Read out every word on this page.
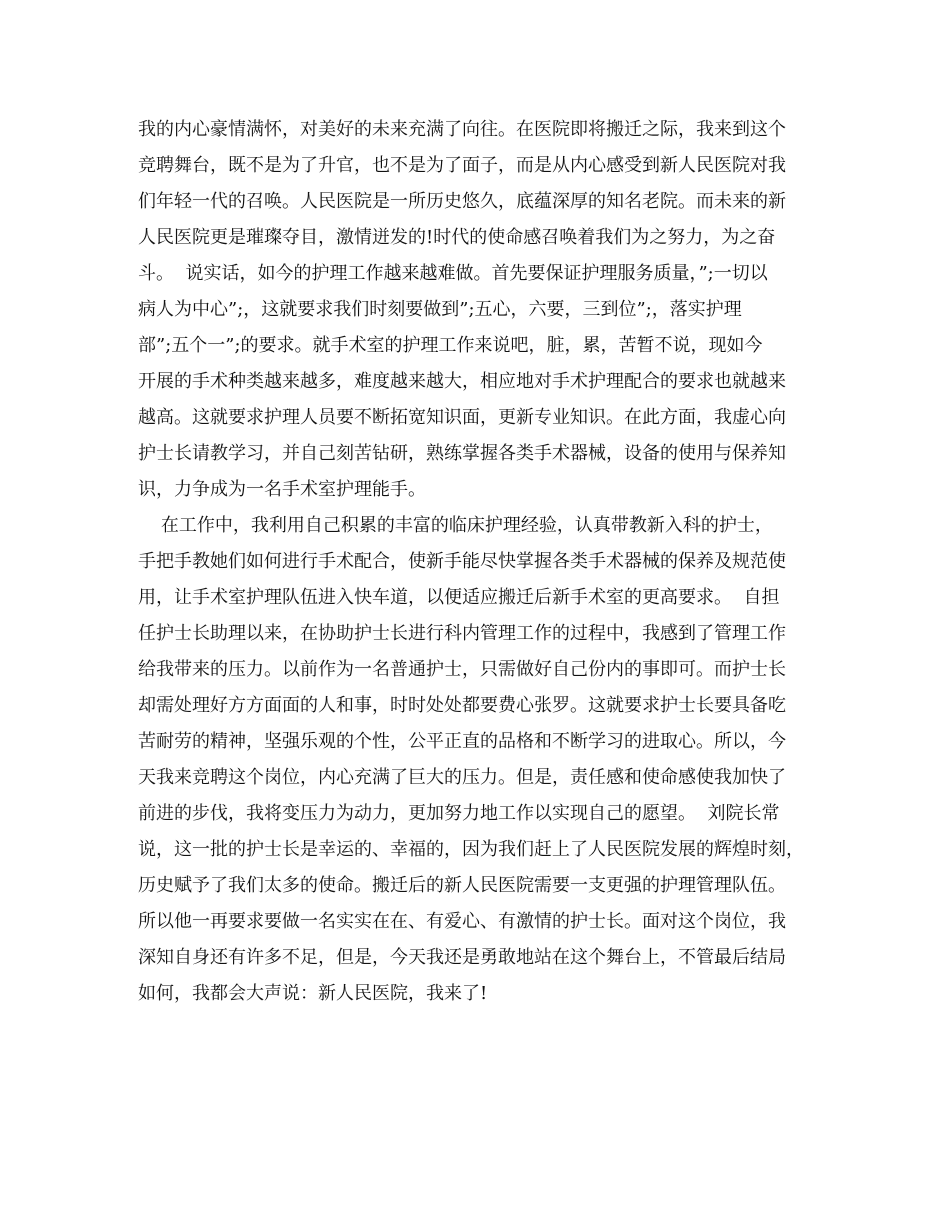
我的内心豪情满怀，对美好的未来充满了向往。在医院即将搬迁之际，我来到这个
竞聘舞台，既不是为了升官，也不是为了面子，而是从内心感受到新人民医院对我
们年轻一代的召唤。人民医院是一所历史悠久，底蕴深厚的知名老院。而未来的新
人民医院更是璀璨夺目，激情迸发的!时代的使命感召唤着我们为之努力，为之奋
斗。  说实话，如今的护理工作越来越难做。首先要保证护理服务质量，”;一切以
病人为中心”;，这就要求我们时刻要做到”;五心，六要，三到位”;，落实护理
部”;五个一”;的要求。就手术室的护理工作来说吧，脏，累，苦暂不说，现如今
开展的手术种类越来越多，难度越来越大，相应地对手术护理配合的要求也就越来
越高。这就要求护理人员要不断拓宽知识面，更新专业知识。在此方面，我虚心向
护士长请教学习，并自己刻苦钻研，熟练掌握各类手术器械，设备的使用与保养知
识，力争成为一名手术室护理能手。
在工作中，我利用自己积累的丰富的临床护理经验，认真带教新入科的护士，
手把手教她们如何进行手术配合，使新手能尽快掌握各类手术器械的保养及规范使
用，让手术室护理队伍进入快车道，以便适应搬迁后新手术室的更高要求。  自担
任护士长助理以来，在协助护士长进行科内管理工作的过程中，我感到了管理工作
给我带来的压力。以前作为一名普通护士，只需做好自己份内的事即可。而护士长
却需处理好方方面面的人和事，时时处处都要费心张罗。这就要求护士长要具备吃
苦耐劳的精神，坚强乐观的个性，公平正直的品格和不断学习的进取心。所以，今
天我来竞聘这个岗位，内心充满了巨大的压力。但是，责任感和使命感使我加快了
前进的步伐，我将变压力为动力，更加努力地工作以实现自己的愿望。  刘院长常
说，这一批的护士长是幸运的、幸福的，因为我们赶上了人民医院发展的辉煌时刻，
历史赋予了我们太多的使命。搬迁后的新人民医院需要一支更强的护理管理队伍。
所以他一再要求要做一名实实在在、有爱心、有激情的护士长。面对这个岗位，我
深知自身还有许多不足，但是，今天我还是勇敢地站在这个舞台上，不管最后结局
如何，我都会大声说：新人民医院，我来了!
